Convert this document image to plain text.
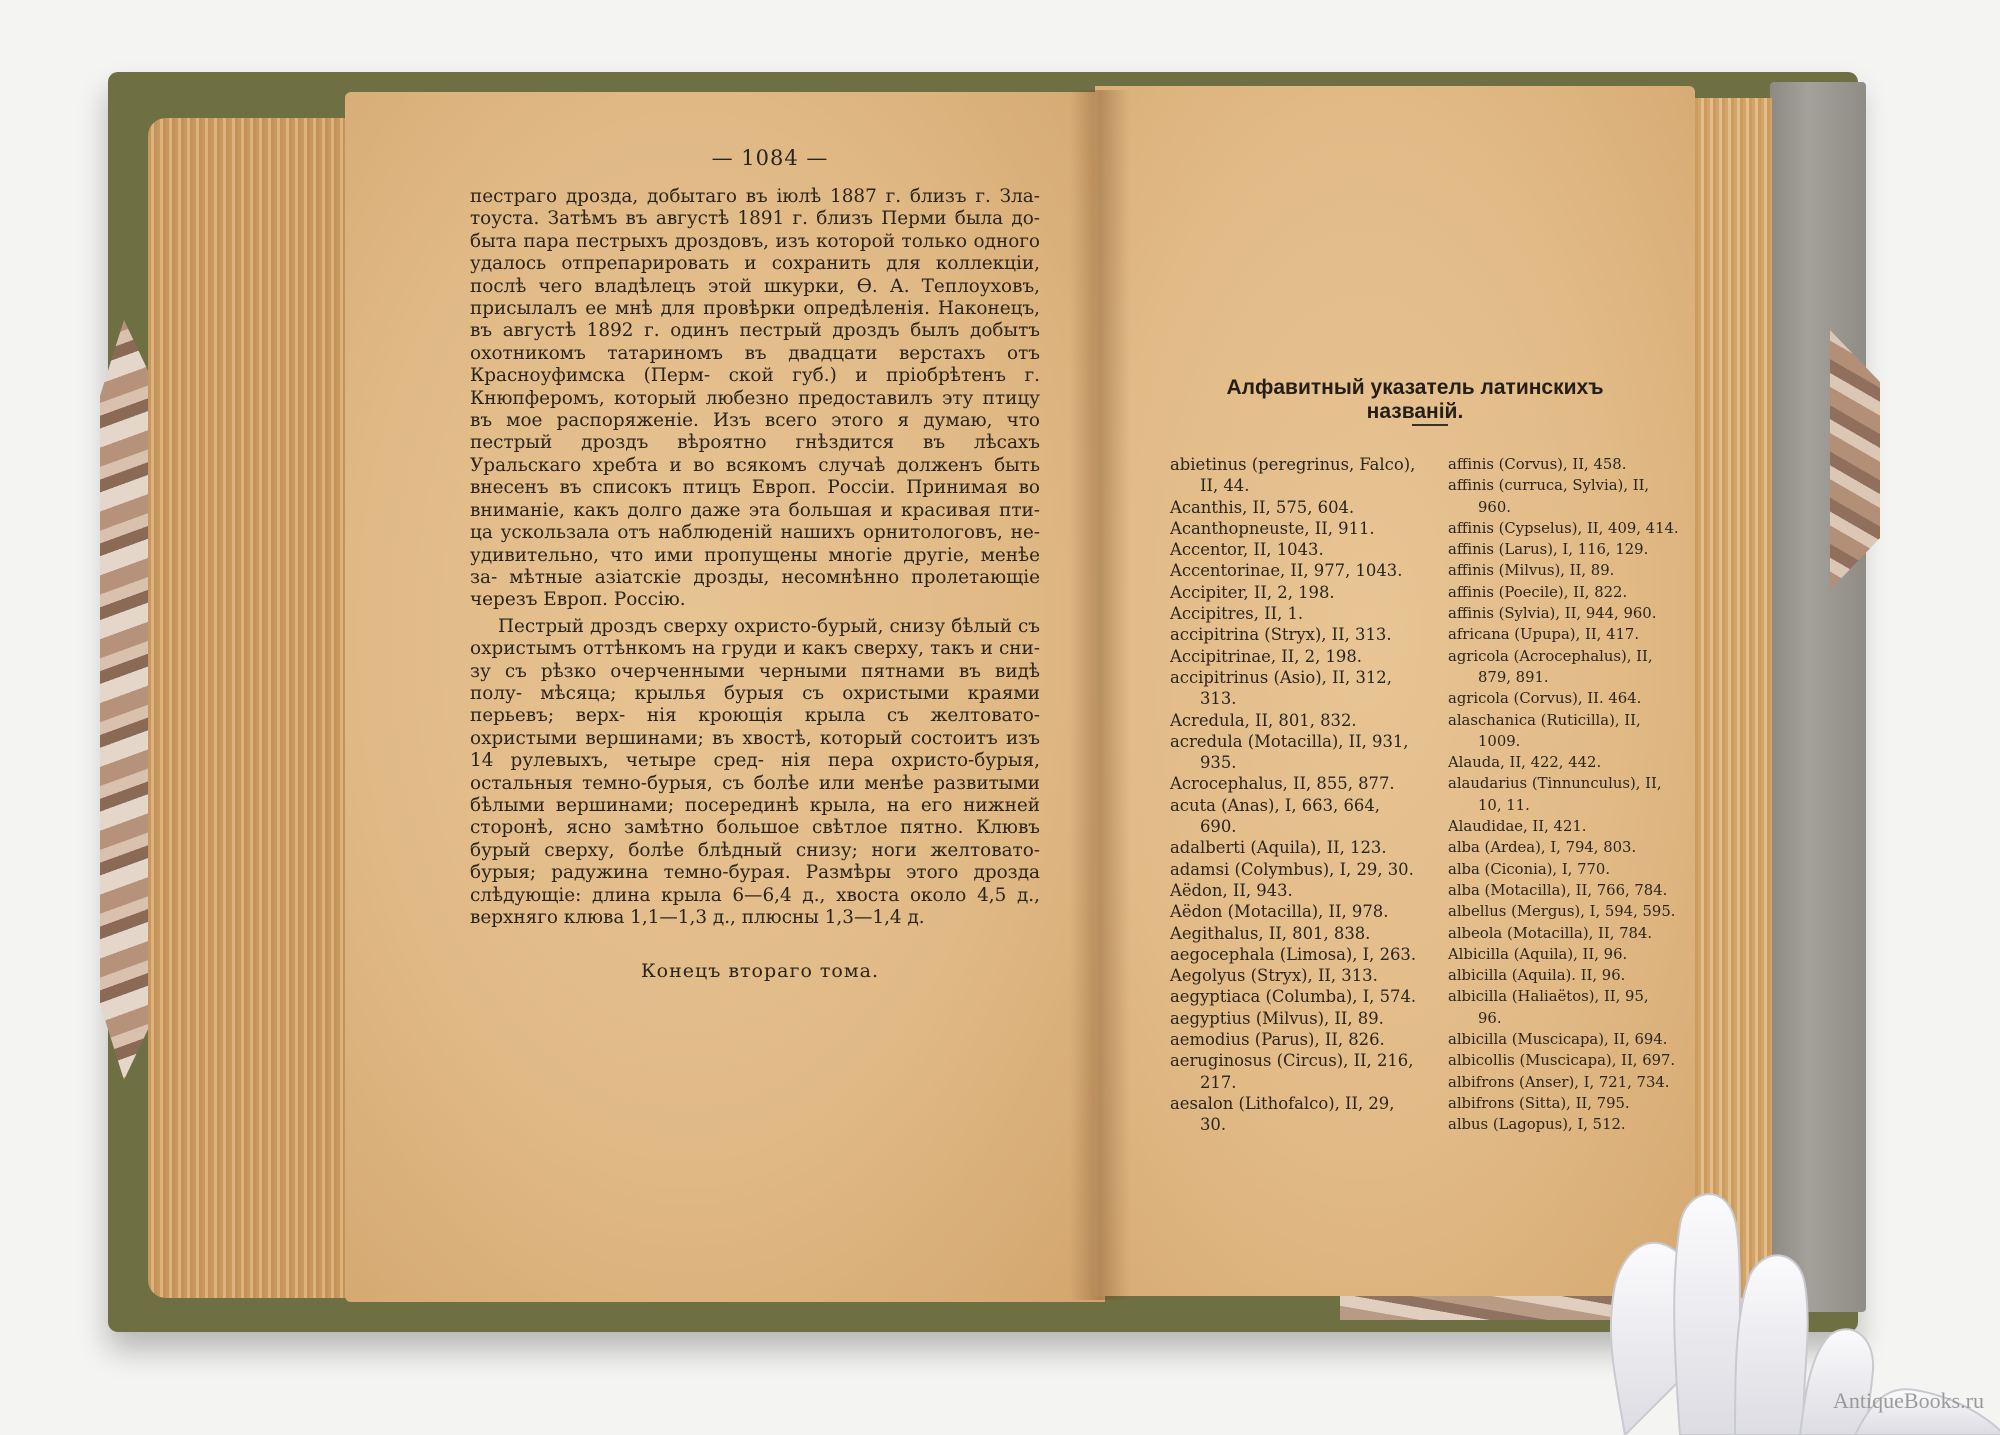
— 1084 —

пестраго дрозда, добытаго въ іюлѣ 1887 г. близъ г. Зла- тоуста. Затѣмъ въ августѣ 1891 г. близъ Перми была до- быта пара пестрыхъ дроздовъ, изъ которой только одного удалось отпрепарировать и сохранить для коллекціи, послѣ чего владѣлецъ этой шкурки, Ѳ. А. Теплоуховъ, присылалъ ее мнѣ для провѣрки опредѣленія. Наконецъ, въ августѣ 1892 г. одинъ пестрый дроздъ былъ добытъ охотникомъ татариномъ въ двадцати верстахъ отъ Красноуфимска (Перм- ской губ.) и пріобрѣтенъ г. Кнюпферомъ, который любезно предоставилъ эту птицу въ мое распоряженіе. Изъ всего этого я думаю, что пестрый дроздъ вѣроятно гнѣздится въ лѣсахъ Уральскаго хребта и во всякомъ случаѣ долженъ быть внесенъ въ списокъ птицъ Европ. Россіи. Принимая во вниманіе, какъ долго даже эта большая и красивая пти- ца ускользала отъ наблюденій нашихъ орнитологовъ, не- удивительно, что ими пропущены многіе другіе, менѣе за- мѣтные азіатскіе дрозды, несомнѣнно пролетающіе черезъ Европ. Россію.

Пестрый дроздъ сверху охристо-бурый, снизу бѣлый съ охристымъ оттѣнкомъ на груди и какъ сверху, такъ и сни- зу съ рѣзко очерченными черными пятнами въ видѣ полу- мѣсяца; крылья бурыя съ охристыми краями перьевъ; верх- нія кроющія крыла съ желтовато-охристыми вершинами; въ хвостѣ, который состоитъ изъ 14 рулевыхъ, четыре сред- нія пера охристо-бурыя, остальныя темно-бурыя, съ болѣе или менѣе развитыми бѣлыми вершинами; посерединѣ крыла, на его нижней сторонѣ, ясно замѣтно большое свѣтлое пятно. Клювъ бурый сверху, болѣе блѣдный снизу; ноги желтовато-бурыя; радужина темно-бурая. Размѣры этого дрозда слѣдующіе: длина крыла 6—6,4 д., хвоста около 4,5 д., верхняго клюва 1,1—1,3 д., плюсны 1,3—1,4 д.

Конецъ втораго тома.
Алфавитный указатель латинскихъ названій.
abietinus (peregrinus, Falco),
II, 44.
Acanthis, II, 575, 604.
Acanthopneuste, II, 911.
Accentor, II, 1043.
Accentorinae, II, 977, 1043.
Accipiter, II, 2, 198.
Accipitres, II, 1.
accipitrina (Stryx), II, 313.
Accipitrinae, II, 2, 198.
accipitrinus (Asio), II, 312,
313.
Acredula, II, 801, 832.
acredula (Motacilla), II, 931,
935.
Acrocephalus, II, 855, 877.
acuta (Anas), I, 663, 664,
690.
adalberti (Aquila), II, 123.
adamsi (Colymbus), I, 29, 30.
Aëdon, II, 943.
Aëdon (Motacilla), II, 978.
Aegithalus, II, 801, 838.
aegocephala (Limosa), I, 263.
Aegolyus (Stryx), II, 313.
aegyptiaca (Columba), I, 574.
aegyptius (Milvus), II, 89.
aemodius (Parus), II, 826.
aeruginosus (Circus), II, 216,
217.
aesalon (Lithofalco), II, 29,
30.
affinis (Corvus), II, 458.
affinis (curruca, Sylvia), II,
960.
affinis (Cypselus), II, 409, 414.
affinis (Larus), I, 116, 129.
affinis (Milvus), II, 89.
affinis (Poecile), II, 822.
affinis (Sylvia), II, 944, 960.
africana (Upupa), II, 417.
agricola (Acrocephalus), II,
879, 891.
agricola (Corvus), II. 464.
alaschanica (Ruticilla), II,
1009.
Alauda, II, 422, 442.
alaudarius (Tinnunculus), II,
10, 11.
Alaudidae, II, 421.
alba (Ardea), I, 794, 803.
alba (Ciconia), I, 770.
alba (Motacilla), II, 766, 784.
albellus (Mergus), I, 594, 595.
albeola (Motacilla), II, 784.
Albicilla (Aquila), II, 96.
albicilla (Aquila). II, 96.
albicilla (Haliaëtos), II, 95,
96.
albicilla (Muscicapa), II, 694.
albicollis (Muscicapa), II, 697.
albifrons (Anser), I, 721, 734.
albifrons (Sitta), II, 795.
albus (Lagopus), I, 512.
AntiqueBooks.ru
